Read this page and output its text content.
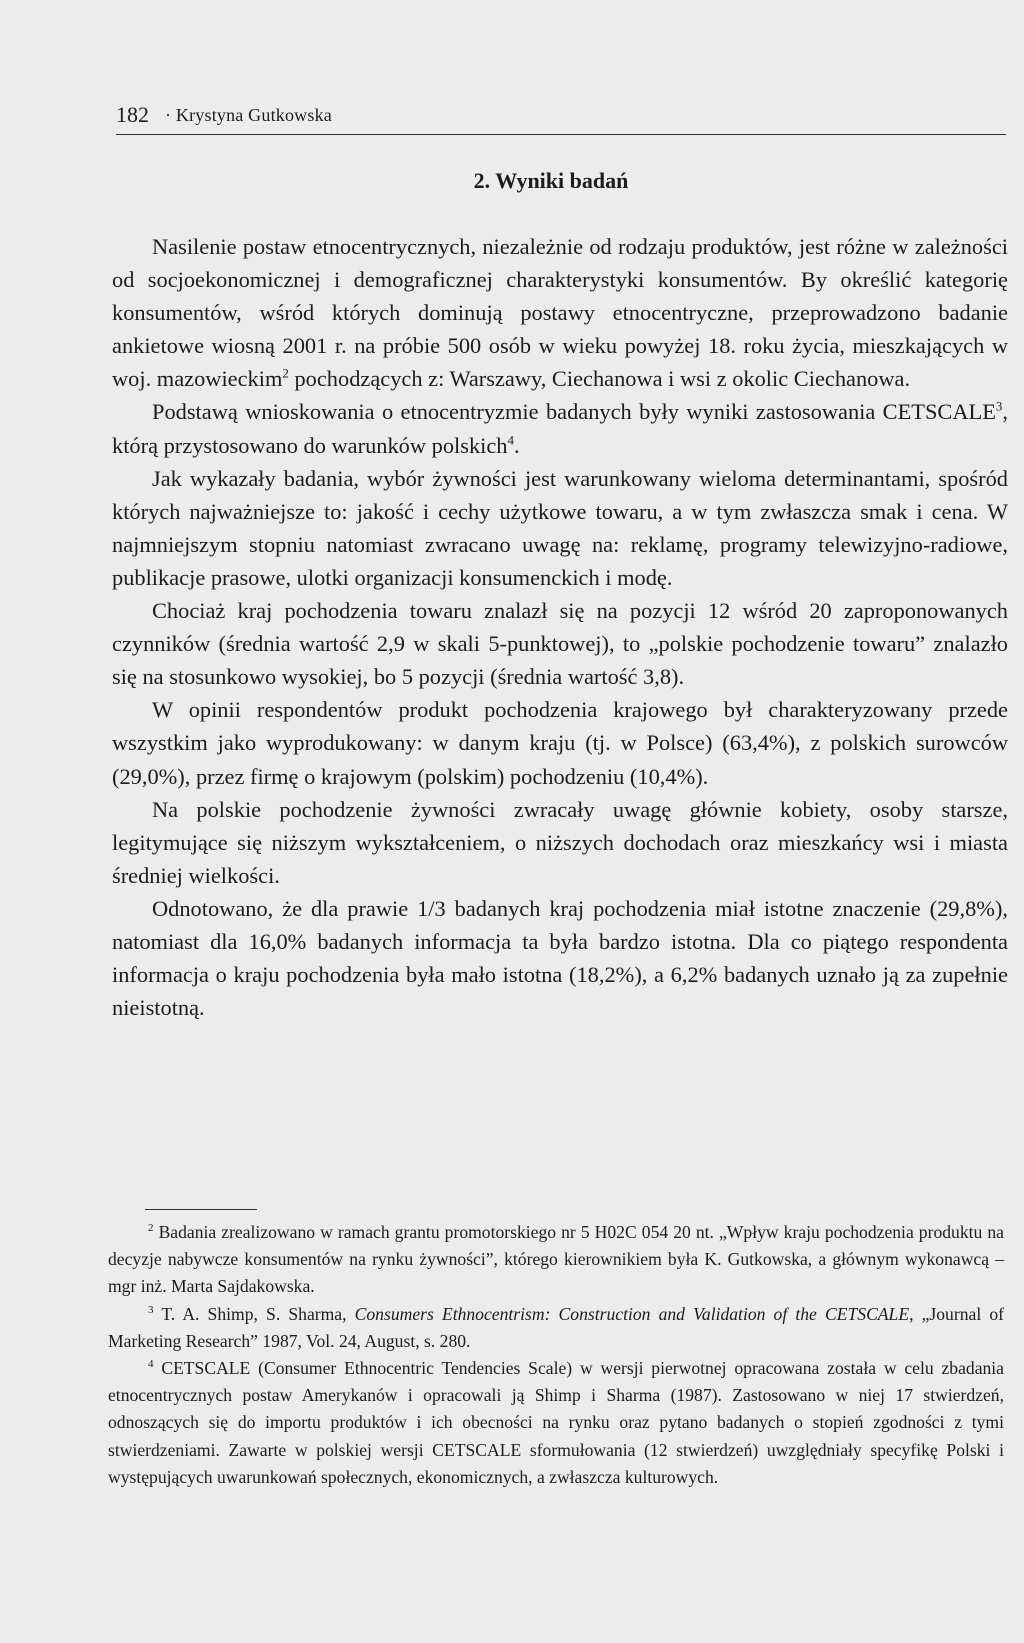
182 · Krystyna Gutkowska
2. Wyniki badań

Nasilenie postaw etnocentrycznych, niezależnie od rodzaju produktów, jest różne w zależności od socjoekonomicznej i demograficznej charakterystyki konsumentów. By określić kategorię konsumentów, wśród których dominują postawy etnocentryczne, przeprowadzono badanie ankietowe wiosną 2001 r. na próbie 500 osób w wieku powyżej 18. roku życia, mieszkających w woj. mazowieckim$^2$ pochodzących z: Warszawy, Ciechanowa i wsi z okolic Ciechanowa.

Podstawą wnioskowania o etnocentryzmie badanych były wyniki zastosowania CETSCALE$^3$, którą przystosowano do warunków polskich$^4$.

Jak wykazały badania, wybór żywności jest warunkowany wieloma determinantami, spośród których najważniejsze to: jakość i cechy użytkowe towaru, a w tym zwłaszcza smak i cena. W najmniejszym stopniu natomiast zwracano uwagę na: reklamę, programy telewizyjno-radiowe, publikacje prasowe, ulotki organizacji konsumenckich i modę.

Chociaż kraj pochodzenia towaru znalazł się na pozycji 12 wśród 20 zaproponowanych czynników (średnia wartość 2,9 w skali 5-punktowej), to „polskie pochodzenie towaru” znalazło się na stosunkowo wysokiej, bo 5 pozycji (średnia wartość 3,8).

W opinii respondentów produkt pochodzenia krajowego był charakteryzowany przede wszystkim jako wyprodukowany: w danym kraju (tj. w Polsce) (63,4%), z polskich surowców (29,0%), przez firmę o krajowym (polskim) pochodzeniu (10,4%).

Na polskie pochodzenie żywności zwracały uwagę głównie kobiety, osoby starsze, legitymujące się niższym wykształceniem, o niższych dochodach oraz mieszkańcy wsi i miasta średniej wielkości.

Odnotowano, że dla prawie 1/3 badanych kraj pochodzenia miał istotne znaczenie (29,8%), natomiast dla 16,0% badanych informacja ta była bardzo istotna. Dla co piątego respondenta informacja o kraju pochodzenia była mało istotna (18,2%), a 6,2% badanych uznało ją za zupełnie nieistotną.

$^2$ Badania zrealizowano w ramach grantu promotorskiego nr 5 H02C 054 20 nt. „Wpływ kraju pochodzenia produktu na decyzje nabywcze konsumentów na rynku żywności”, którego kierownikiem była K. Gutkowska, a głównym wykonawcą – mgr inż. Marta Sajdakowska.

$^3$ T. A. Shimp, S. Sharma, Consumers Ethnocentrism: Construction and Validation of the CETSCALE, „Journal of Marketing Research” 1987, Vol. 24, August, s. 280.

$^4$ CETSCALE (Consumer Ethnocentric Tendencies Scale) w wersji pierwotnej opracowana została w celu zbadania etnocentrycznych postaw Amerykanów i opracowali ją Shimp i Sharma (1987). Zastosowano w niej 17 stwierdzeń, odnoszących się do importu produktów i ich obecności na rynku oraz pytano badanych o stopień zgodności z tymi stwierdzeniami. Zawarte w polskiej wersji CETSCALE sformułowania (12 stwierdzeń) uwzględniały specyfikę Polski i występujących uwarunkowań społecznych, ekonomicznych, a zwłaszcza kulturowych.
